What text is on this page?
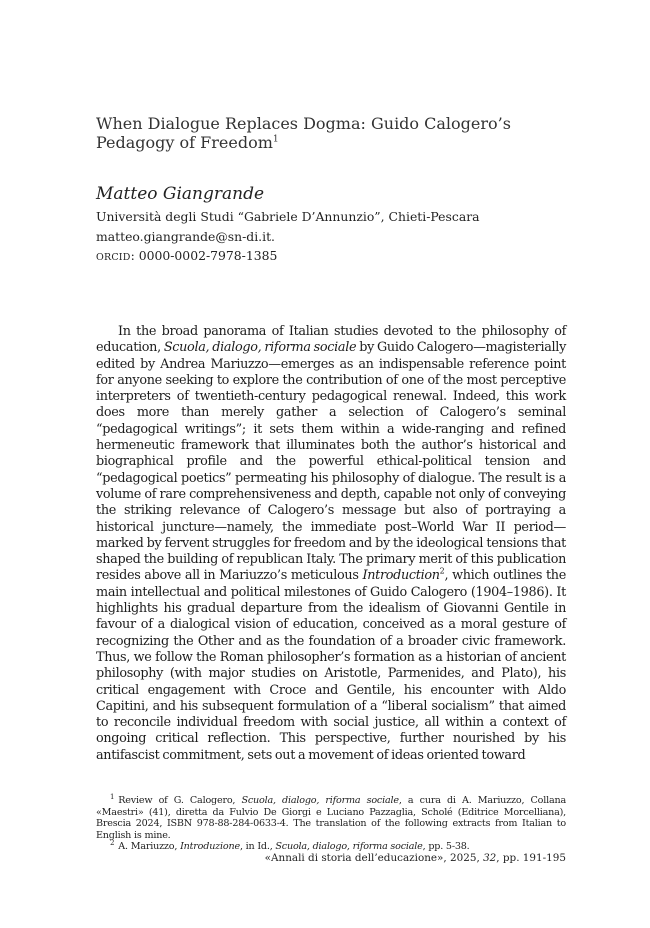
When Dialogue Replaces Dogma: Guido Calogero’s Pedagogy of Freedom$^1$
Matteo Giangrande
Università degli Studi “Gabriele D’Annunzio”, Chieti-Pescara
matteo.giangrande@sn-di.it.
ORCID: 0000-0002-7978-1385

In the broad panorama of Italian studies devoted to the philosophy of education, Scuola, dialogo, riforma sociale by Guido Calogero—magisterially edited by Andrea Mariuzzo—emerges as an indispensable reference point for anyone seeking to explore the contribution of one of the most perceptive interpreters of twentieth-century pedagogical renewal. Indeed, this work does more than merely gather a selection of Calogero’s seminal “pedagogical writings”; it sets them within a wide-ranging and refined hermeneutic framework that illuminates both the author’s historical and biographical profile and the powerful ethical-political tension and “pedagogical poetics” permeating his philosophy of dialogue. The result is a volume of rare comprehensiveness and depth, capable not only of conveying the striking relevance of Calogero’s message but also of portraying a historical juncture—namely, the immediate post–World War II period—marked by fervent struggles for freedom and by the ideological tensions that shaped the building of republican Italy. The primary merit of this publication resides above all in Mariuzzo’s meticulous Introduction$^2$, which outlines the main intellectual and political milestones of Guido Calogero (1904–1986). It highlights his gradual departure from the idealism of Giovanni Gentile in favour of a dialogical vision of education, conceived as a moral gesture of recognizing the Other and as the foundation of a broader civic framework. Thus, we follow the Roman philosopher’s formation as a historian of ancient philosophy (with major studies on Aristotle, Parmenides, and Plato), his critical engagement with Croce and Gentile, his encounter with Aldo Capitini, and his subsequent formulation of a “liberal socialism” that aimed to reconcile individual freedom with social justice, all within a context of ongoing critical reflection. This perspective, further nourished by his antifascist commitment, sets out a movement of ideas oriented toward

$^1$ Review of G. Calogero, Scuola, dialogo, riforma sociale, a cura di A. Mariuzzo, Collana «Maestri» (41), diretta da Fulvio De Giorgi e Luciano Pazzaglia, Scholé (Editrice Morcelliana), Brescia 2024, ISBN 978-88-284-0633-4. The translation of the following extracts from Italian to English is mine.

$^2$ A. Mariuzzo, Introduzione, in Id., Scuola, dialogo, riforma sociale, pp. 5-38.

«Annali di storia dell’educazione», 2025, 32, pp. 191-195
